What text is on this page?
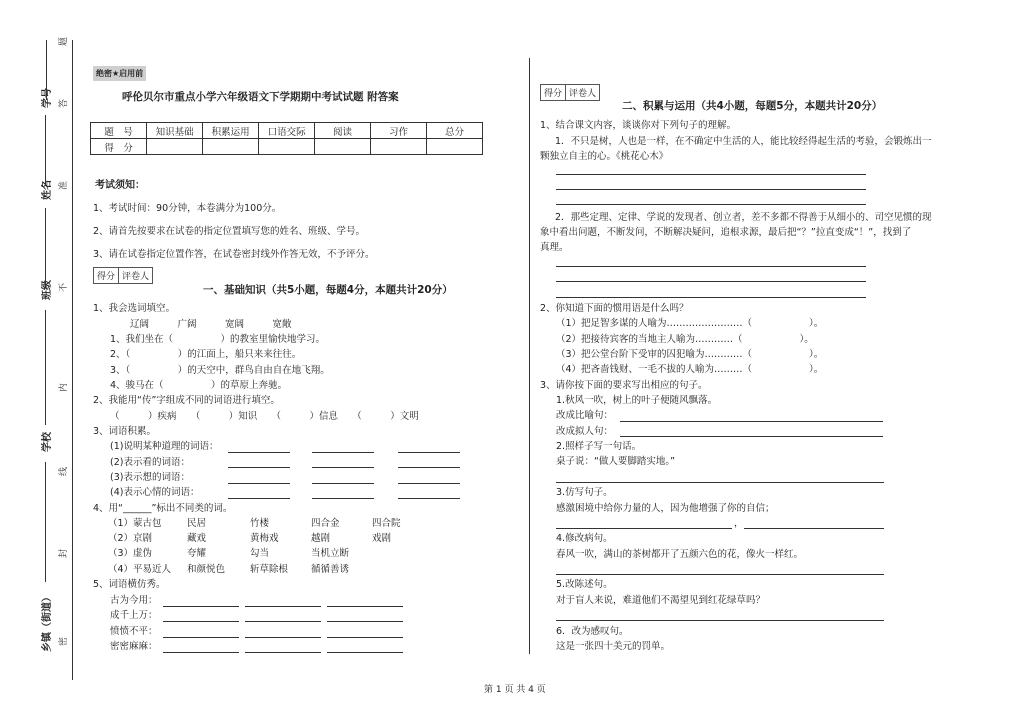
学号
姓名
班级
学校
乡镇（街道）
题
答
准
不
内
线
封
密
绝密★启用前
呼伦贝尔市重点小学六年级语文下学期期中考试试题 附答案
题　号	知识基础	积累运用	口语交际	阅读	习作	总分
得　分						
考试须知：
1、考试时间：90分钟，本卷满分为100分。
2、请首先按要求在试卷的指定位置填写您的姓名、班级、学号。
3、请在试卷指定位置作答，在试卷密封线外作答无效，不予评分。
得分 评卷人
一、基础知识（共5小题，每题4分，本题共计20分）
1、我会选词填空。
辽阔　　　广阔　　　宽阔　　　宽敞
1、我们坐在（　　　　　）的教室里愉快地学习。
2、（　　　　　）的江面上，船只来来往往。
3、（　　　　　）的天空中，群鸟自由自在地飞翔。
4、骏马在（　　　　　）的草原上奔驰。
2、我能用“传”字组成不同的词语进行填空。
（　　　）疾病　　（　　　）知识　　（　　　）信息　　（　　　）文明
3、词语积累。
(1)说明某种道理的词语：
(2)表示看的词语：
(3)表示想的词语：
(4)表示心情的词语：
4、用“______”标出不同类的词。
（1）蒙古包	民居	竹楼	四合金	四合院
（2）京剧	藏戏	黄梅戏	越剧	戏剧
（3）虚伪	夸耀	勾当	当机立断
（4）平易近人 和颜悦色	斩草除根 循循善诱
5、词语横仿秀。
古为今用：
成千上万：
愤愤不平：
密密麻麻：
得分 评卷人
二、积累与运用（共4小题，每题5分，本题共计20分）
1、结合课文内容，谈谈你对下列句子的理解。
1．不只是树，人也是一样，在不确定中生活的人，能比较经得起生活的考验，会锻炼出一
颗独立自主的心。《桃花心木》
2．那些定理、定律、学说的发现者、创立者，差不多都不得善于从细小的、司空见惯的现
象中看出问题，不断发问，不断解决疑问，追根求源，最后把“？”拉直变成“！”，找到了
真理。
2、你知道下面的惯用语是什么吗？
（1）把足智多谋的人喻为……………………（　　　　　　）。
（2）把接待宾客的当地主人喻为…………（　　　　　　）。
（3）把公堂台阶下受审的囚犯喻为…………（　　　　　　）。
（4）把吝啬钱财、一毛不拔的人喻为………（　　　　　　）。
3、请你按下面的要求写出相应的句子。
1.秋风一吹，树上的叶子便随风飘落。
改成比喻句：
改成拟人句：
2.照样子写一句话。
桌子说：“做人要脚踏实地。”
3.仿写句子。
感激困境中给你力量的人，因为他增强了你的自信；
，
4.修改病句。
春风一吹，满山的茶树都开了五颜六色的花，像火一样红。
5.改陈述句。
对于盲人来说，难道他们不渴望见到红花绿草吗？
6．改为感叹句。
这是一张四十美元的罚单。
第 1 页 共 4 页
